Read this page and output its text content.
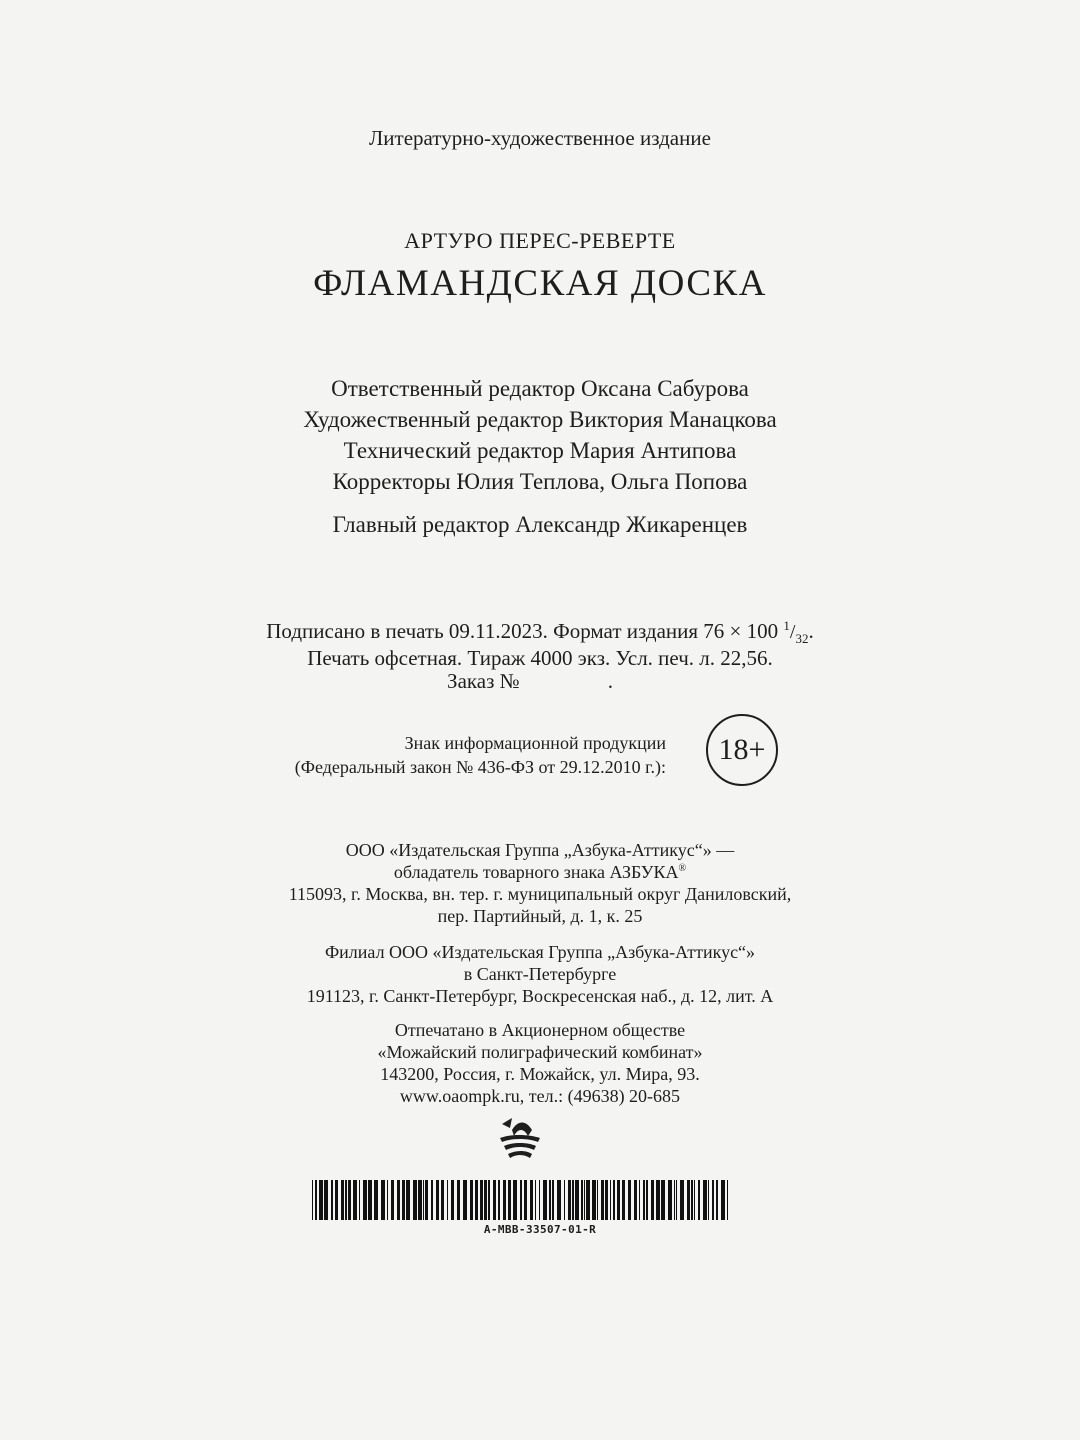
Литературно-художественное издание
АРТУРО ПЕРЕС-РЕВЕРТЕ
ФЛАМАНДСКАЯ ДОСКА
Ответственный редактор Оксана Сабурова
Художественный редактор Виктория Манацкова
Технический редактор Мария Антипова
Корректоры Юлия Теплова, Ольга Попова
Главный редактор Александр Жикаренцев
Подписано в печать 09.11.2023. Формат издания 76 × 100 $^1/_{32}$.
Печать офсетная. Тираж 4000 экз. Усл. печ. л. 22,56.
Заказ №	.
Знак информационной продукции
(Федеральный закон № 436-ФЗ от 29.12.2010 г.):
18+
ООО «Издательская Группа „Азбука-Аттикус“» —
обладатель товарного знака АЗБУКА®
115093, г. Москва, вн. тер. г. муниципальный округ Даниловский,
пер. Партийный, д. 1, к. 25
Филиал ООО «Издательская Группа „Азбука-Аттикус“»
в Санкт-Петербурге
191123, г. Санкт-Петербург, Воскресенская наб., д. 12, лит. А
Отпечатано в Акционерном обществе
«Можайский полиграфический комбинат»
143200, Россия, г. Можайск, ул. Мира, 93.
www.oaompk.ru, тел.: (49638) 20-685
A-MBB-33507-01-R
